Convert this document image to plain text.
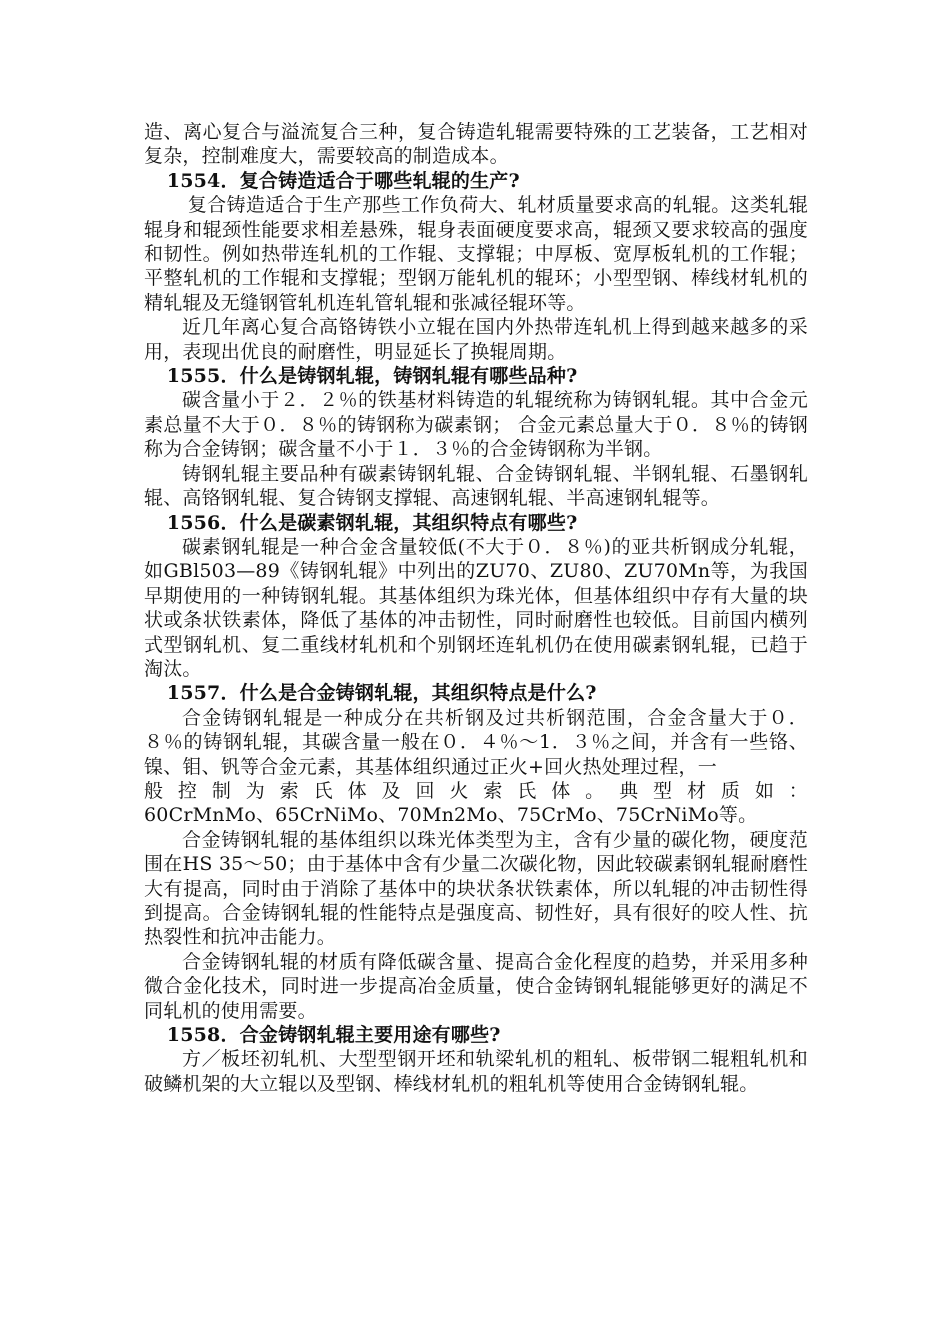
造、离心复合与溢流复合三种，复合铸造轧辊需要特殊的工艺装备，工艺相对复杂，控制难度大，需要较高的制造成本。

1554．复合铸造适合于哪些轧辊的生产?

复合铸造适合于生产那些工作负荷大、轧材质量要求高的轧辊。这类轧辊辊身和辊颈性能要求相差悬殊，辊身表面硬度要求高，辊颈又要求较高的强度和韧性。例如热带连轧机的工作辊、支撑辊；中厚板、宽厚板轧机的工作辊；平整轧机的工作辊和支撑辊；型钢万能轧机的辊环；小型型钢、棒线材轧机的精轧辊及无缝钢管轧机连轧管轧辊和张减径辊环等。

近几年离心复合高铬铸铁小立辊在国内外热带连轧机上得到越来越多的采用，表现出优良的耐磨性，明显延长了换辊周期。

1555．什么是铸钢轧辊，铸钢轧辊有哪些品种?

碳含量小于２．２％的铁基材料铸造的轧辊统称为铸钢轧辊。其中合金元素总量不大于０．８％的铸钢称为碳素钢； 合金元素总量大于０．８％的铸钢称为合金铸钢；碳含量不小于１．３％的合金铸钢称为半钢。

铸钢轧辊主要品种有碳素铸钢轧辊、合金铸钢轧辊、半钢轧辊、石墨钢轧辊、高铬钢轧辊、复合铸钢支撑辊、高速钢轧辊、半高速钢轧辊等。

1556．什么是碳素钢轧辊，其组织特点有哪些?

碳素钢轧辊是一种合金含量较低(不大于０．８％)的亚共析钢成分轧辊，如GBl503—89《铸钢轧辊》中列出的ZU70、ZU80、ZU70Mn等，为我国早期使用的一种铸钢轧辊。其基体组织为珠光体，但基体组织中存有大量的块状或条状铁素体，降低了基体的冲击韧性，同时耐磨性也较低。目前国内横列式型钢轧机、复二重线材轧机和个别钢坯连轧机仍在使用碳素钢轧辊，已趋于淘汰。

1557．什么是合金铸钢轧辊，其组织特点是什么?

合金铸钢轧辊是一种成分在共析钢及过共析钢范围，合金含量大于０．８％的铸钢轧辊，其碳含量一般在０．４％～1．３％之间，并含有一些铬、镍、钼、钒等合金元素，其基体组织通过正火+回火热处理过程，一

般控制为索氏体及回火索氏体。典型材质如：

60CrMnMo、65CrNiMo、70Mn2Mo、75CrMo、75CrNiMo等。

合金铸钢轧辊的基体组织以珠光体类型为主，含有少量的碳化物，硬度范围在HS 35～50；由于基体中含有少量二次碳化物，因此较碳素钢轧辊耐磨性大有提高，同时由于消除了基体中的块状条状铁素体，所以轧辊的冲击韧性得到提高。合金铸钢轧辊的性能特点是强度高、韧性好，具有很好的咬人性、抗热裂性和抗冲击能力。

合金铸钢轧辊的材质有降低碳含量、提高合金化程度的趋势，并采用多种微合金化技术，同时进一步提高冶金质量，使合金铸钢轧辊能够更好的满足不同轧机的使用需要。

1558．合金铸钢轧辊主要用途有哪些?

方／板坯初轧机、大型型钢开坯和轨梁轧机的粗轧、板带钢二辊粗轧机和破鳞机架的大立辊以及型钢、棒线材轧机的粗轧机等使用合金铸钢轧辊。
